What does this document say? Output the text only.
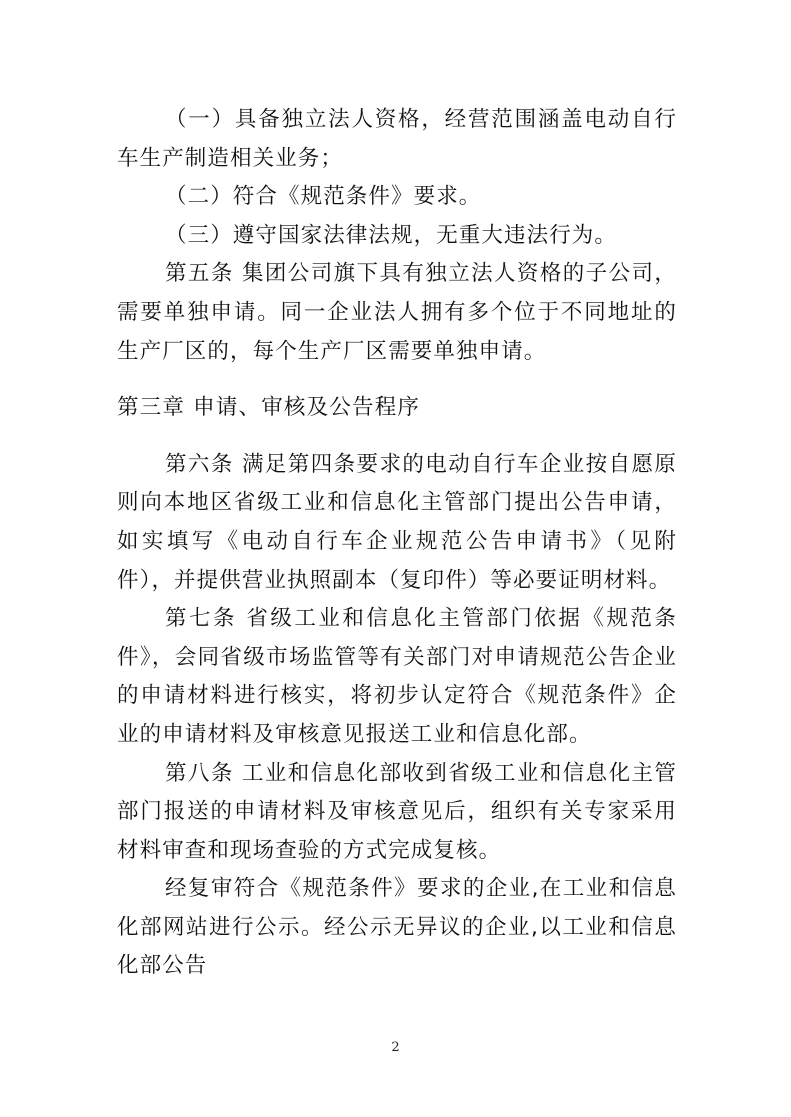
（一）具备独立法人资格，经营范围涵盖电动自行车生产制造相关业务；

（二）符合《规范条件》要求。

（三）遵守国家法律法规，无重大违法行为。

第五条 集团公司旗下具有独立法人资格的子公司，需要单独申请。同一企业法人拥有多个位于不同地址的生产厂区的，每个生产厂区需要单独申请。

第三章 申请、审核及公告程序

第六条 满足第四条要求的电动自行车企业按自愿原则向本地区省级工业和信息化主管部门提出公告申请，如实填写《电动自行车企业规范公告申请书》（见附件），并提供营业执照副本（复印件）等必要证明材料。

第七条 省级工业和信息化主管部门依据《规范条件》，会同省级市场监管等有关部门对申请规范公告企业的申请材料进行核实，将初步认定符合《规范条件》企业的申请材料及审核意见报送工业和信息化部。

第八条 工业和信息化部收到省级工业和信息化主管部门报送的申请材料及审核意见后，组织有关专家采用材料审查和现场查验的方式完成复核。

经复审符合《规范条件》要求的企业,在工业和信息化部网站进行公示。经公示无异议的企业,以工业和信息化部公告

2
